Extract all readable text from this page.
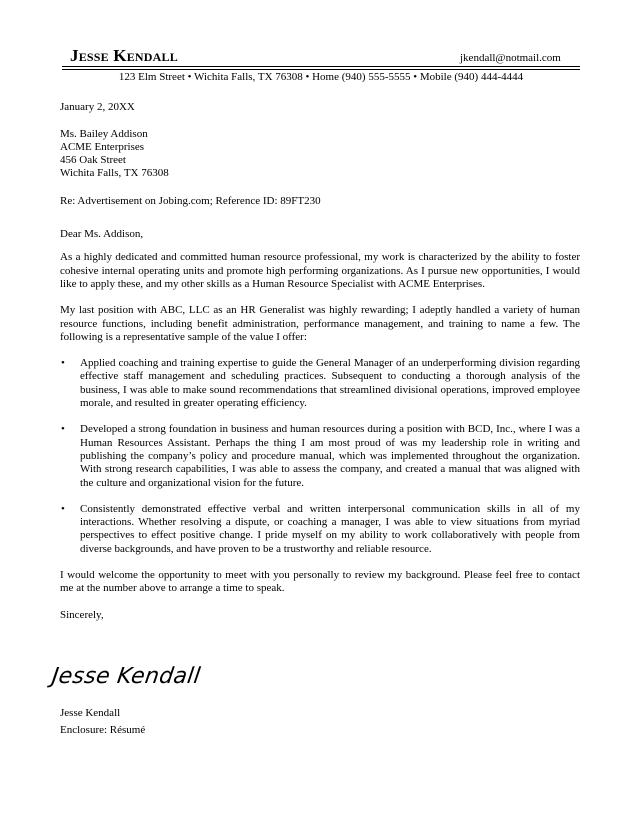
Jesse Kendall	jkendall@notmail.com
123 Elm Street • Wichita Falls, TX 76308 • Home (940) 555-5555 • Mobile (940) 444-4444

January 2, 20XX

Ms. Bailey Addison

ACME Enterprises

456 Oak Street

Wichita Falls, TX 76308

Re: Advertisement on Jobing.com; Reference ID: 89FT230

Dear Ms. Addison,

As a highly dedicated and committed human resource professional, my work is characterized by the ability to foster cohesive internal operating units and promote high performing organizations. As I pursue new opportunities, I would like to apply these, and my other skills as a Human Resource Specialist with ACME Enterprises.

My last position with ABC, LLC as an HR Generalist was highly rewarding; I adeptly handled a variety of human resource functions, including benefit administration, performance management, and training to name a few. The following is a representative sample of the value I offer:

• Applied coaching and training expertise to guide the General Manager of an underperforming division regarding effective staff management and scheduling practices. Subsequent to conducting a thorough analysis of the business, I was able to make sound recommendations that streamlined divisional operations, improved employee morale, and resulted in greater operating efficiency.
• Developed a strong foundation in business and human resources during a position with BCD, Inc., where I was a Human Resources Assistant. Perhaps the thing I am most proud of was my leadership role in writing and publishing the company’s policy and procedure manual, which was implemented throughout the organization. With strong research capabilities, I was able to assess the company, and created a manual that was aligned with the culture and organizational vision for the future.
• Consistently demonstrated effective verbal and written interpersonal communication skills in all of my interactions. Whether resolving a dispute, or coaching a manager, I was able to view situations from myriad perspectives to effect positive change. I pride myself on my ability to work collaboratively with people from diverse backgrounds, and have proven to be a trustworthy and reliable resource.

I would welcome the opportunity to meet with you personally to review my background. Please feel free to contact me at the number above to arrange a time to speak.

Sincerely,

Jesse Kendall
Jesse Kendall
Enclosure: Résumé
